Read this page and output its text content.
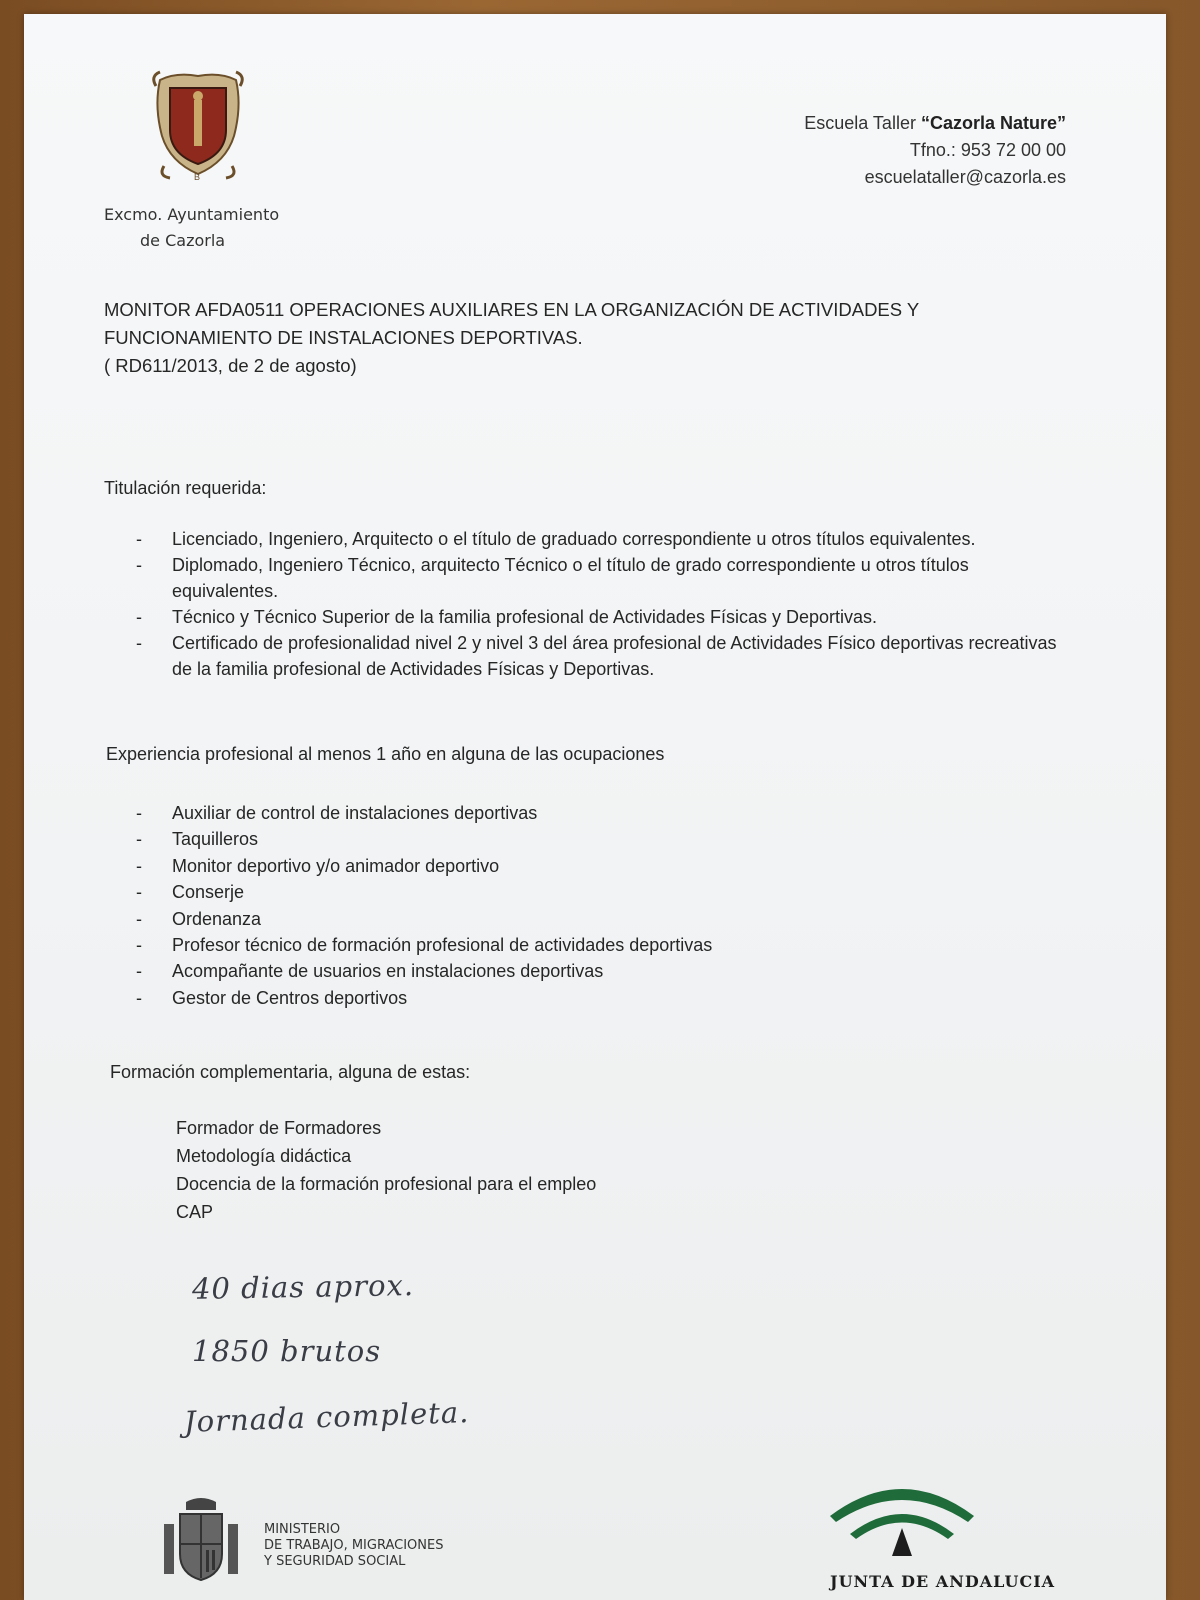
B
Excmo. Ayuntamiento
de Cazorla
Escuela Taller “Cazorla Nature”
Tfno.: 953 72 00 00
escuelataller@cazorla.es
MONITOR AFDA0511 OPERACIONES AUXILIARES EN LA ORGANIZACIÓN DE ACTIVIDADES Y
FUNCIONAMIENTO DE INSTALACIONES DEPORTIVAS.
( RD611/2013, de 2 de agosto)
Titulación requerida:
- Licenciado, Ingeniero, Arquitecto o el título de graduado correspondiente u otros títulos equivalentes.
- Diplomado, Ingeniero Técnico, arquitecto Técnico o el título de grado correspondiente u otros títulos equivalentes.
- Técnico y Técnico Superior de la familia profesional de Actividades Físicas y Deportivas.
- Certificado de profesionalidad nivel 2 y nivel 3 del área profesional de Actividades Físico deportivas recreativas de la familia profesional de Actividades Físicas y Deportivas.
Experiencia profesional al menos 1 año en alguna de las ocupaciones
- Auxiliar de control de instalaciones deportivas
- Taquilleros
- Monitor deportivo y/o animador deportivo
- Conserje
- Ordenanza
- Profesor técnico de formación profesional de actividades deportivas
- Acompañante de usuarios en instalaciones deportivas
- Gestor de Centros deportivos
Formación complementaria, alguna de estas:
Formador de Formadores
Metodología didáctica
Docencia de la formación profesional para el empleo
CAP
40 dias aprox.
1850 brutos
Jornada completa.
MINISTERIO
DE TRABAJO, MIGRACIONES
Y SEGURIDAD SOCIAL
JUNTA DE ANDALUCIA
